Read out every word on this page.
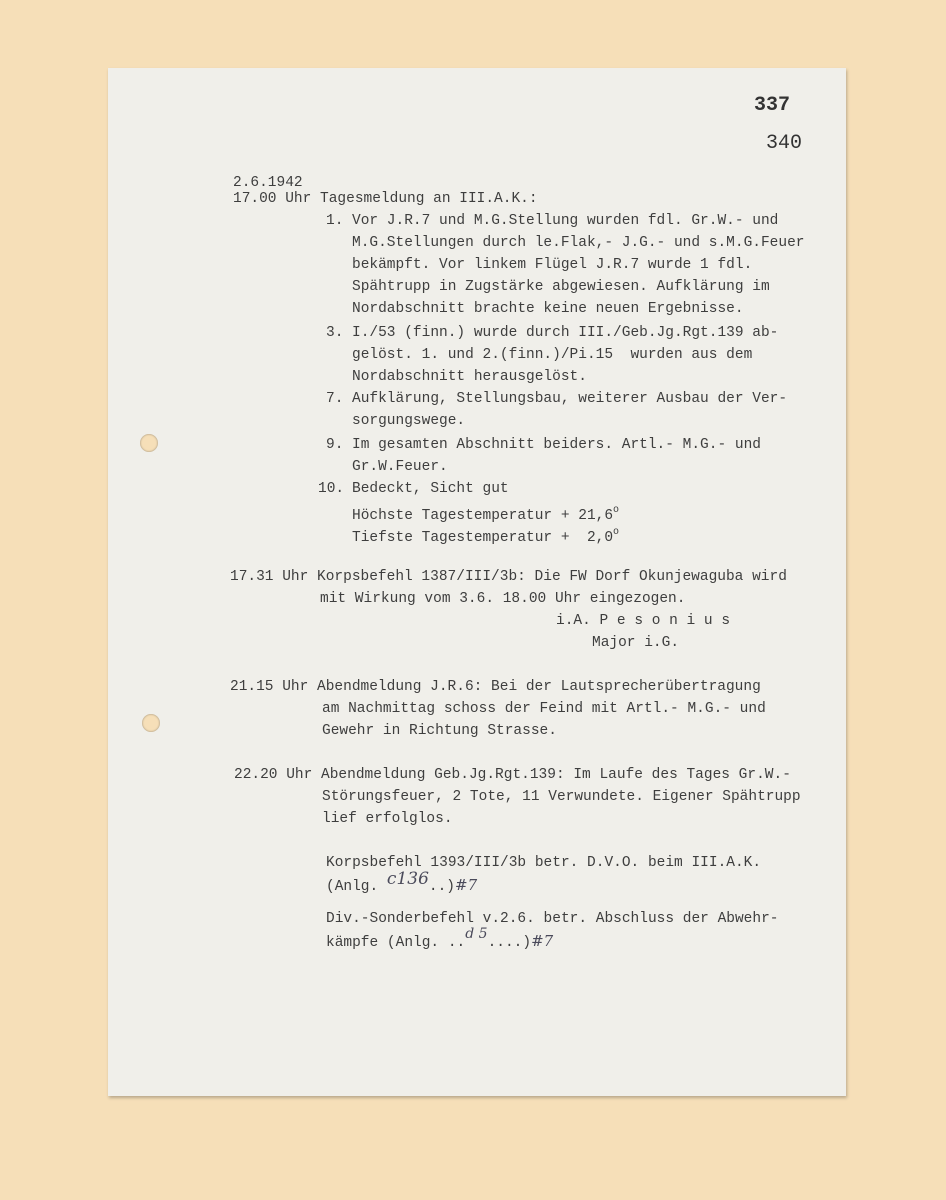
337
340
2.6.1942
17.00 Uhr Tagesmeldung an III.A.K.:
1. Vor J.R.7 und M.G.Stellung wurden fdl. Gr.W.- und
M.G.Stellungen durch le.Flak,- J.G.- und s.M.G.Feuer
bekämpft. Vor linkem Flügel J.R.7 wurde 1 fdl.
Spähtrupp in Zugstärke abgewiesen. Aufklärung im
Nordabschnitt brachte keine neuen Ergebnisse.
3. I./53 (finn.) wurde durch III./Geb.Jg.Rgt.139 ab-
gelöst. 1. und 2.(finn.)/Pi.15  wurden aus dem
Nordabschnitt herausgelöst.
7. Aufklärung, Stellungsbau, weiterer Ausbau der Ver-
sorgungswege.
9. Im gesamten Abschnitt beiders. Artl.- M.G.- und
Gr.W.Feuer.
10. Bedeckt, Sicht gut
Höchste Tagestemperatur + $21,6^o$
Tiefste Tagestemperatur +  2,0$^o$
17.31 Uhr Korpsbefehl 1387/III/3b: Die FW Dorf Okunjewaguba wird
mit Wirkung vom 3.6. 18.00 Uhr eingezogen.
i.A. P e s o n i u s
Major i.G.
21.15 Uhr Abendmeldung J.R.6: Bei der Lautsprecherübertragung
am Nachmittag schoss der Feind mit Artl.- M.G.- und
Gewehr in Richtung Strasse.
22.20 Uhr Abendmeldung Geb.Jg.Rgt.139: Im Laufe des Tages Gr.W.-
Störungsfeuer, 2 Tote, 11 Verwundete. Eigener Spähtrupp
lief erfolglos.
Korpsbefehl 1393/III/3b betr. D.V.O. beim III.A.K.
(Anlg. c136..)#7
Div.-Sonderbefehl v.2.6. betr. Abschluss der Abwehr-
kämpfe (Anlg. ..d 5....)#7
